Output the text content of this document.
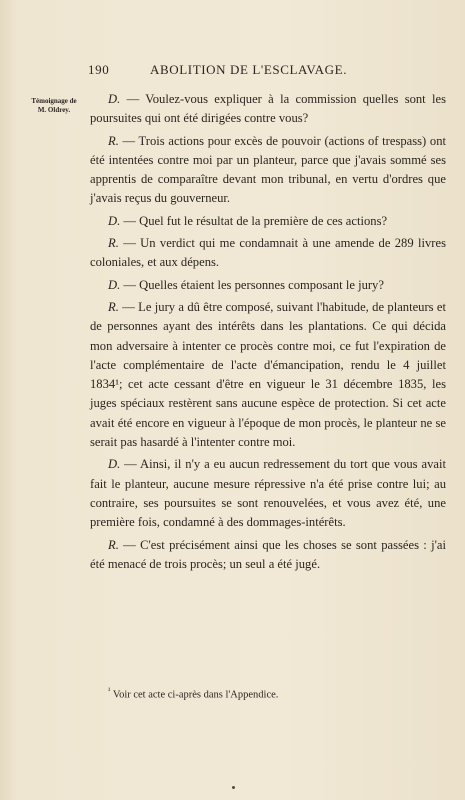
190	ABOLITION DE L'ESCLAVAGE.
Témoignage de M. Oldrey.

D. — Voulez-vous expliquer à la commission quelles sont les poursuites qui ont été dirigées contre vous?

R. — Trois actions pour excès de pouvoir (actions of trespass) ont été intentées contre moi par un planteur, parce que j'avais sommé ses apprentis de comparaître devant mon tribunal, en vertu d'ordres que j'avais reçus du gouverneur.

D. — Quel fut le résultat de la première de ces actions?

R. — Un verdict qui me condamnait à une amende de 289 livres coloniales, et aux dépens.

D. — Quelles étaient les personnes composant le jury?

R. — Le jury a dû être composé, suivant l'habitude, de planteurs et de personnes ayant des intérêts dans les plantations. Ce qui décida mon adversaire à intenter ce procès contre moi, ce fut l'expiration de l'acte complémentaire de l'acte d'émancipation, rendu le 4 juillet 1834¹; cet acte cessant d'être en vigueur le 31 décembre 1835, les juges spéciaux restèrent sans aucune espèce de protection. Si cet acte avait été encore en vigueur à l'époque de mon procès, le planteur ne se serait pas hasardé à l'intenter contre moi.

D. — Ainsi, il n'y a eu aucun redressement du tort que vous avait fait le planteur, aucune mesure répressive n'a été prise contre lui; au contraire, ses poursuites se sont renouvelées, et vous avez été, une première fois, condamné à des dommages-intérêts.

R. — C'est précisément ainsi que les choses se sont passées : j'ai été menacé de trois procès; un seul a été jugé.

$^{^1}$ Voir cet acte ci-après dans l'Appendice.
